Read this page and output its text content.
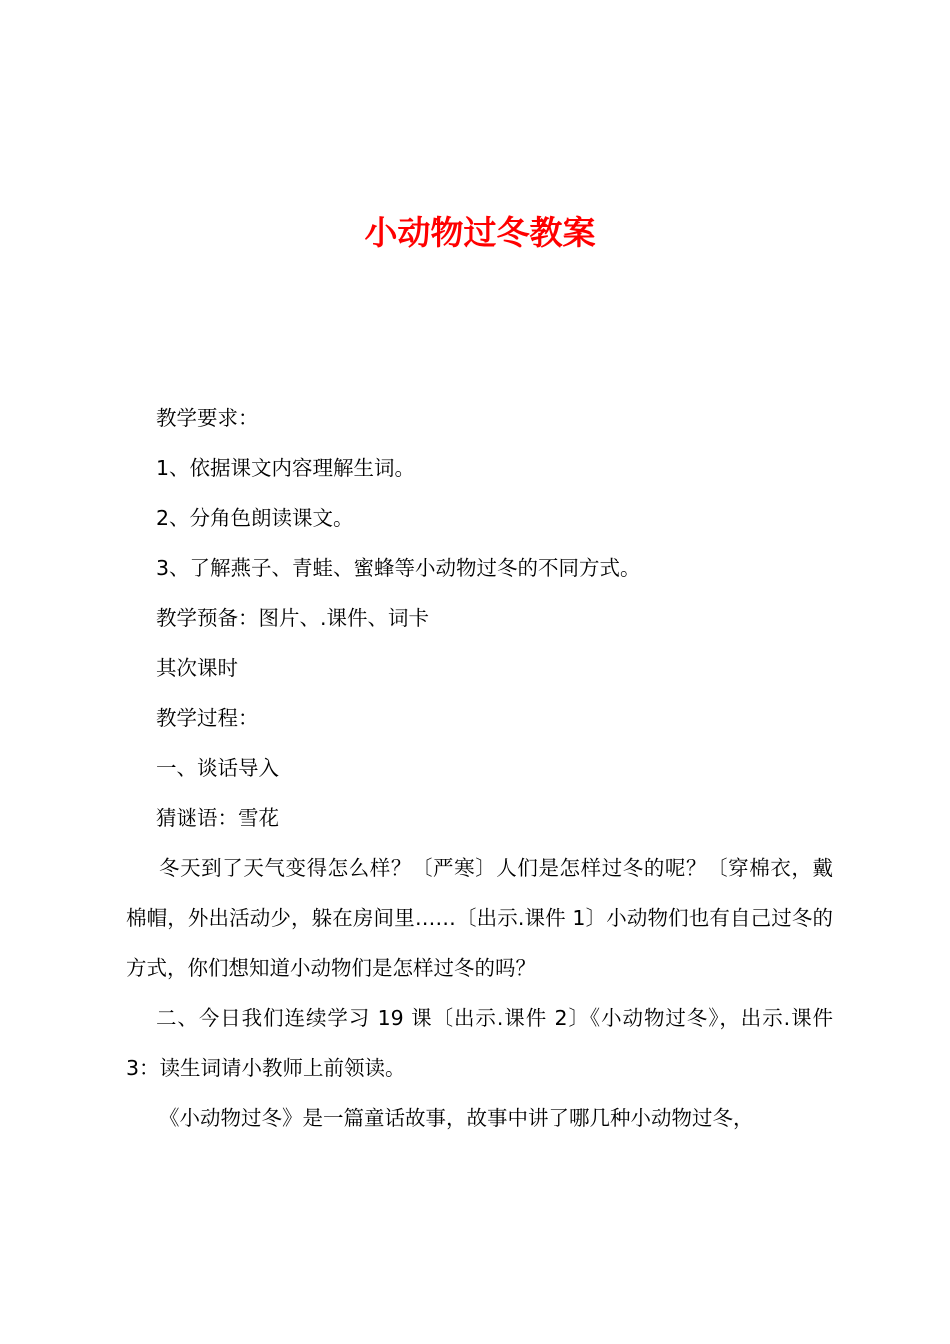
小动物过冬教案

教学要求：

1、依据课文内容理解生词。

2、分角色朗读课文。

3、了解燕子、青蛙、蜜蜂等小动物过冬的不同方式。

教学预备：图片、.课件、词卡

其次课时

教学过程：

一、谈话导入

猜谜语：雪花

冬天到了天气变得怎么样？〔严寒〕人们是怎样过冬的呢？〔穿棉衣，戴棉帽，外出活动少，躲在房间里……〔出示.课件 1〕小动物们也有自己过冬的方式，你们想知道小动物们是怎样过冬的吗？

二、今日我们连续学习 19 课〔出示.课件 2〕《小动物过冬》，出示.课件 3：读生词请小教师上前领读。

《小动物过冬》是一篇童话故事，故事中讲了哪几种小动物过冬，
